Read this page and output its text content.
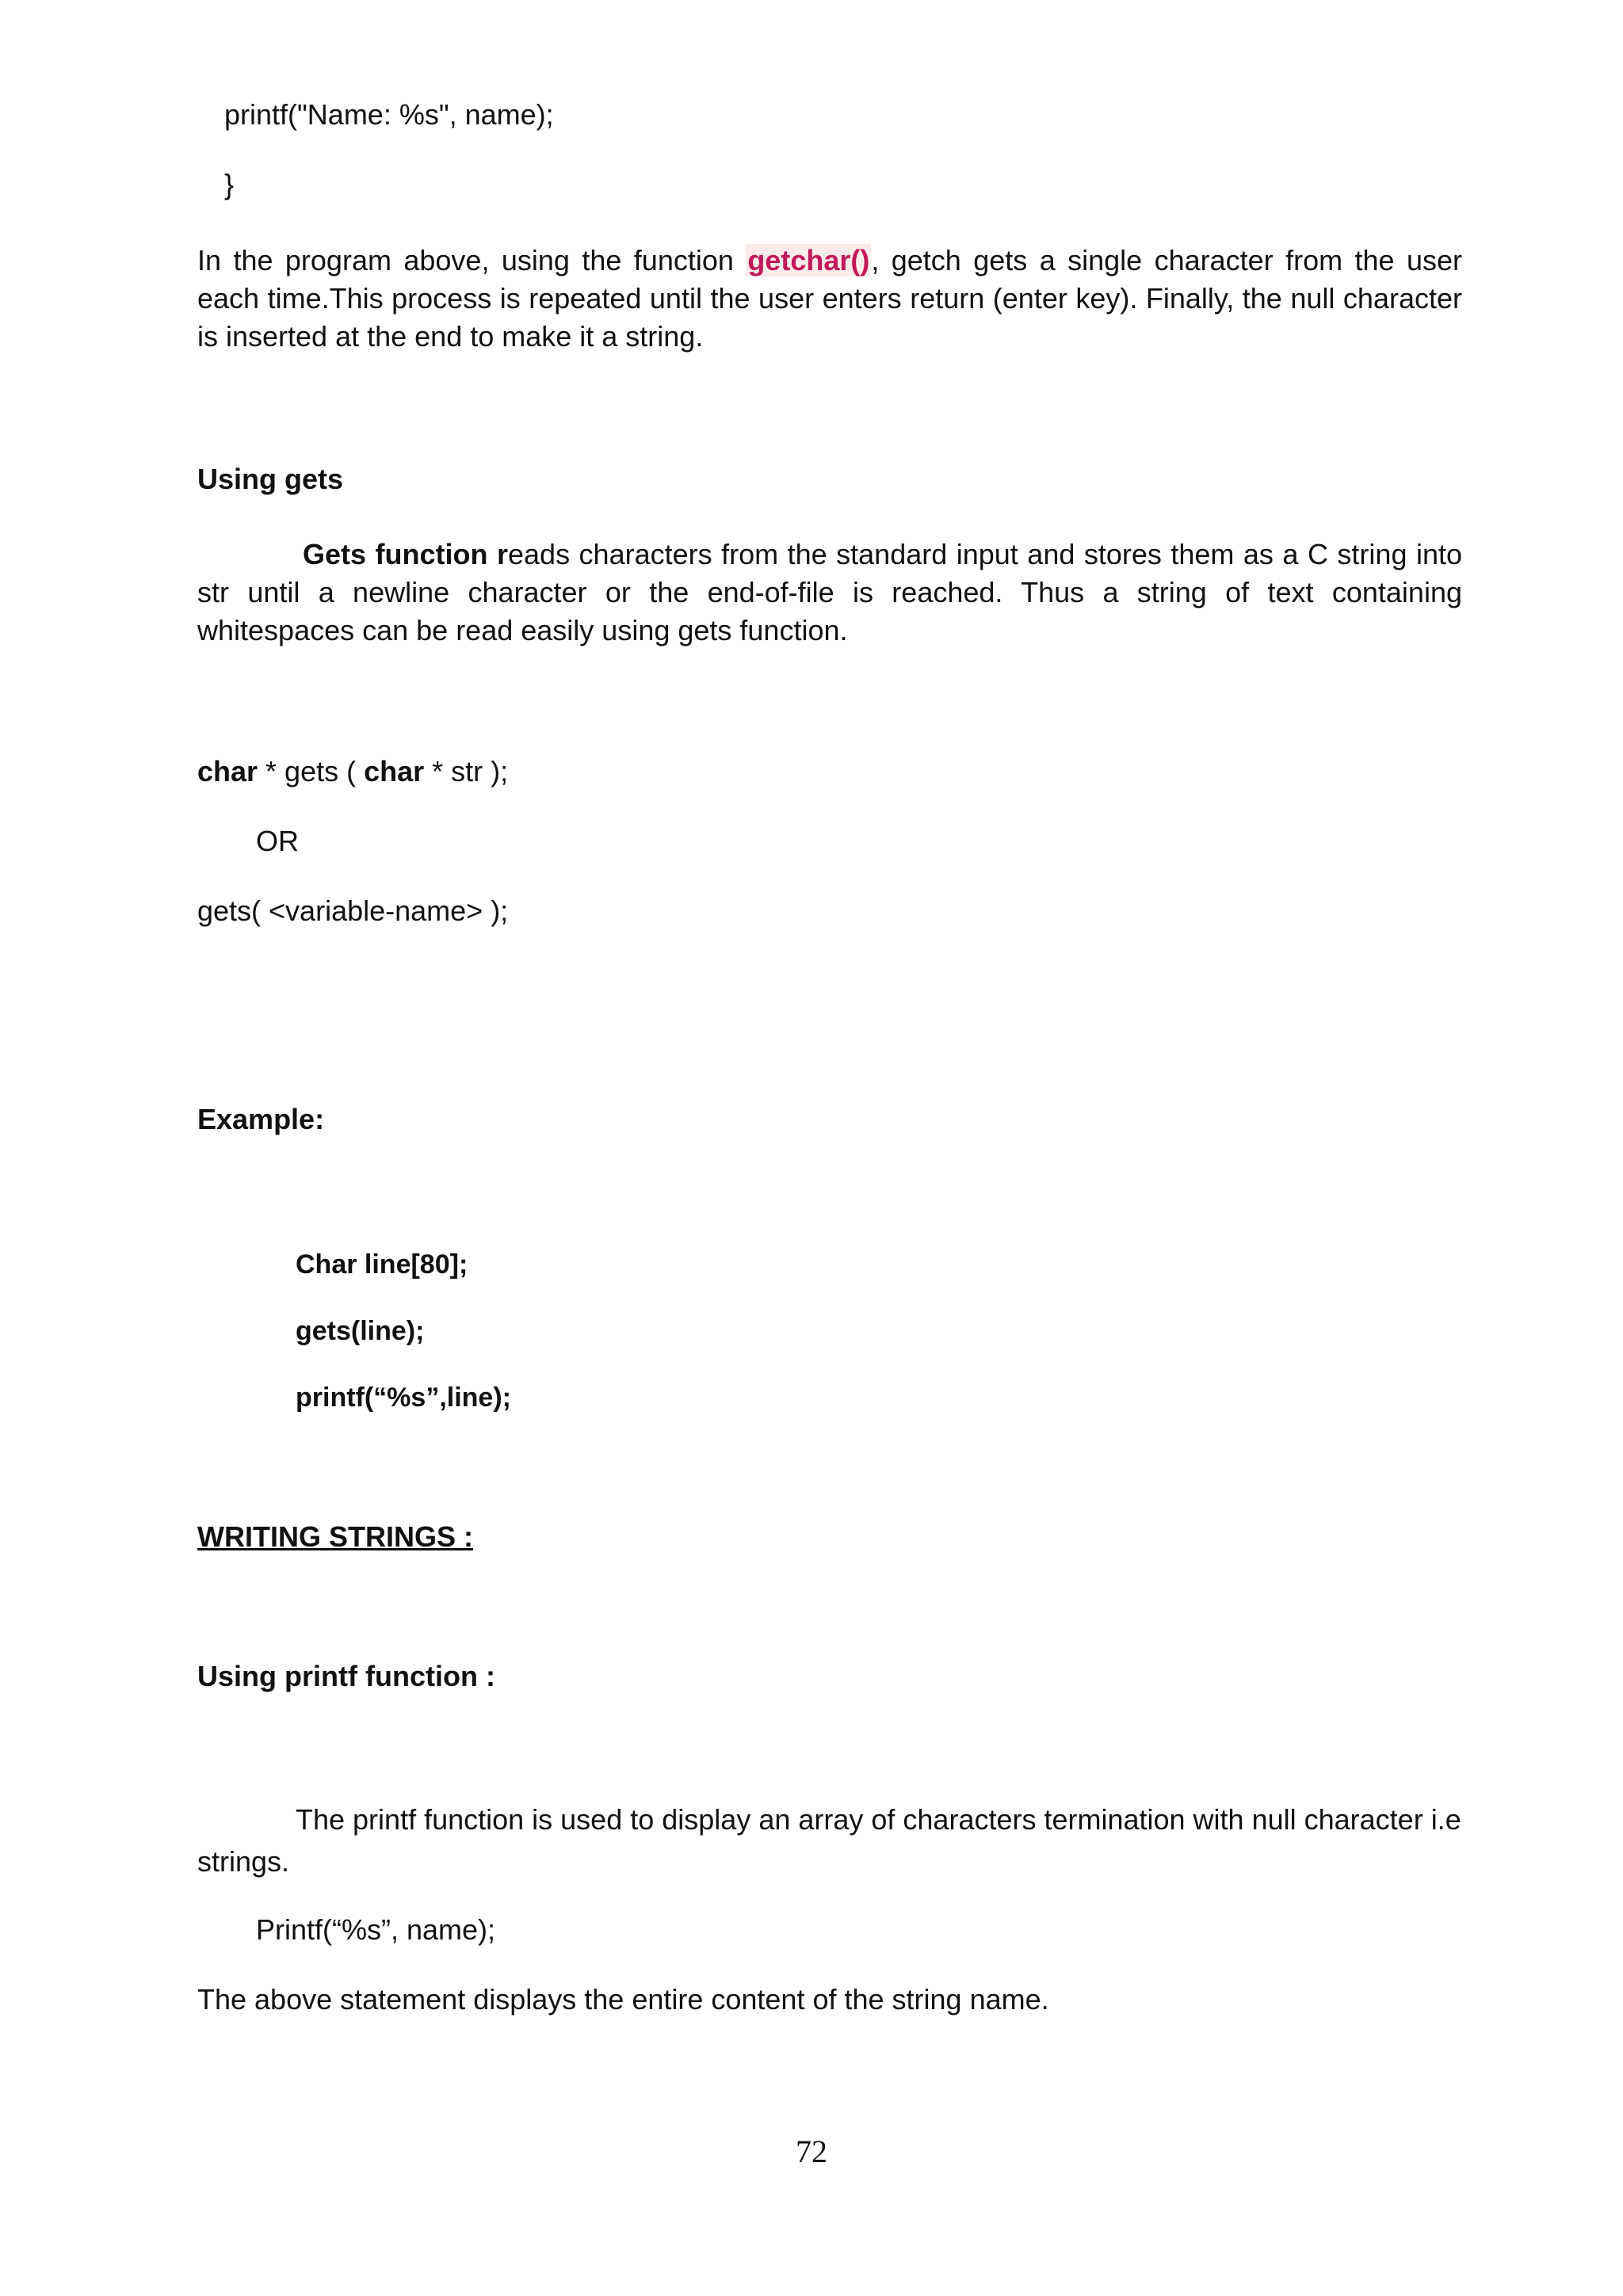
printf("Name: %s", name);
}
In the program above, using the function getchar(), getch gets a single character from the user each time.This process is repeated until the user enters return (enter key). Finally, the null character is inserted at the end to make it a string.
Using gets
Gets function reads characters from the standard input and stores them as a C string into str until a newline character or the end-of-file is reached. Thus a string of text containing whitespaces can be read easily using gets function.
char * gets ( char * str );
OR
gets( <variable-name> );
Example:
Char line[80];
gets(line);
printf(“%s”,line);
WRITING STRINGS :
Using printf function :
The printf function is used to display an array of characters termination with null character i.e strings.
Printf(“%s”, name);
The above statement displays the entire content of the string name.
72
